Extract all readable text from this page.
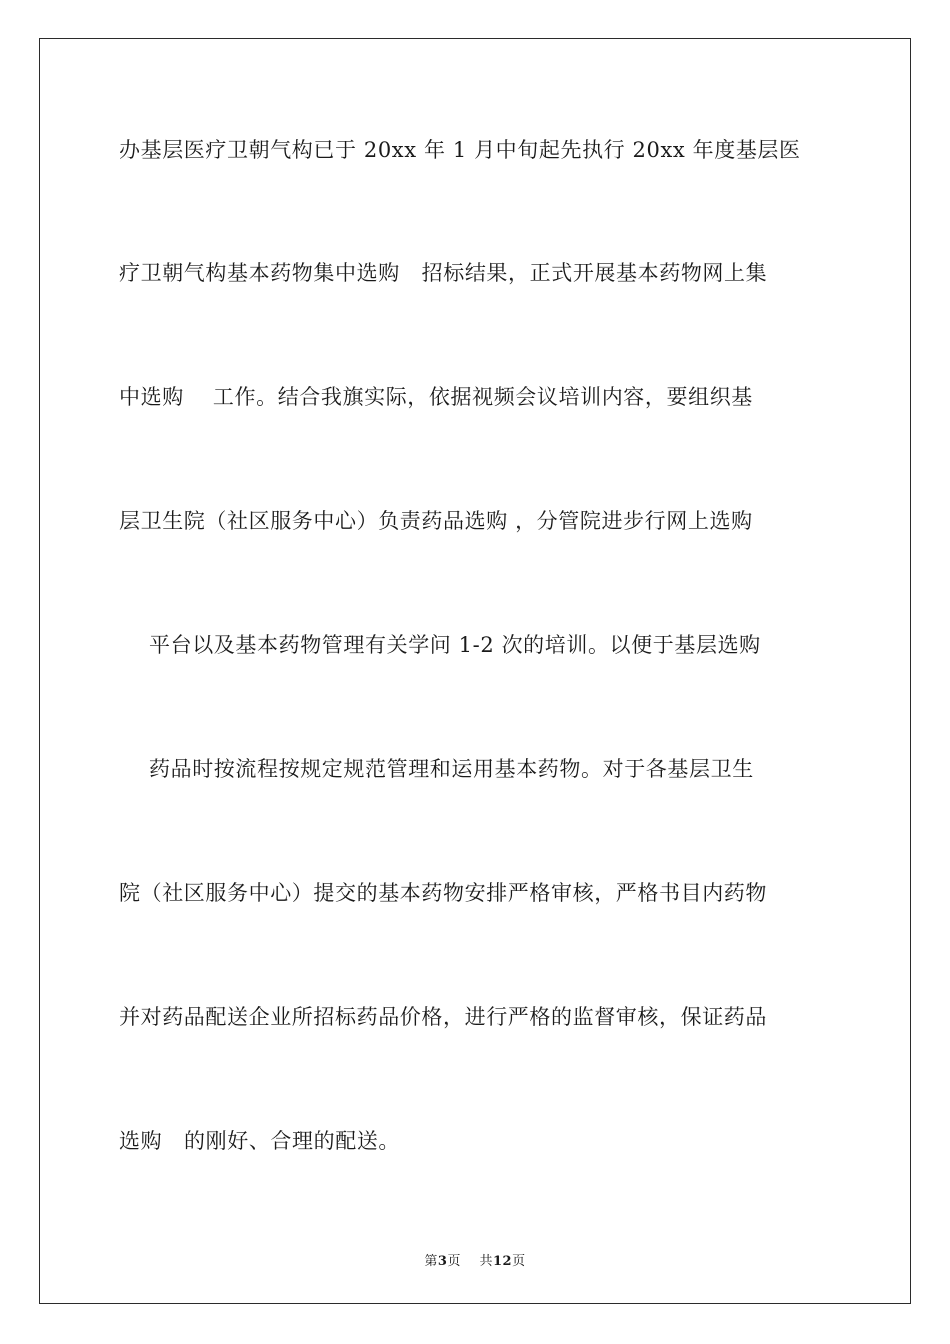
办基层医疗卫朝气构已于 20xx 年 1 月中旬起先执行 20xx 年度基层医
疗卫朝气构基本药物集中选购   招标结果，正式开展基本药物网上集
中选购    工作。结合我旗实际，依据视频会议培训内容，要组织基
层卫生院（社区服务中心）负责药品选购 ，分管院进步行网上选购
平台以及基本药物管理有关学问 1-2 次的培训。以便于基层选购
药品时按流程按规定规范管理和运用基本药物。对于各基层卫生
院（社区服务中心）提交的基本药物安排严格审核，严格书目内药物
并对药品配送企业所招标药品价格，进行严格的监督审核，保证药品
选购   的刚好、合理的配送。
第3页 共12页
